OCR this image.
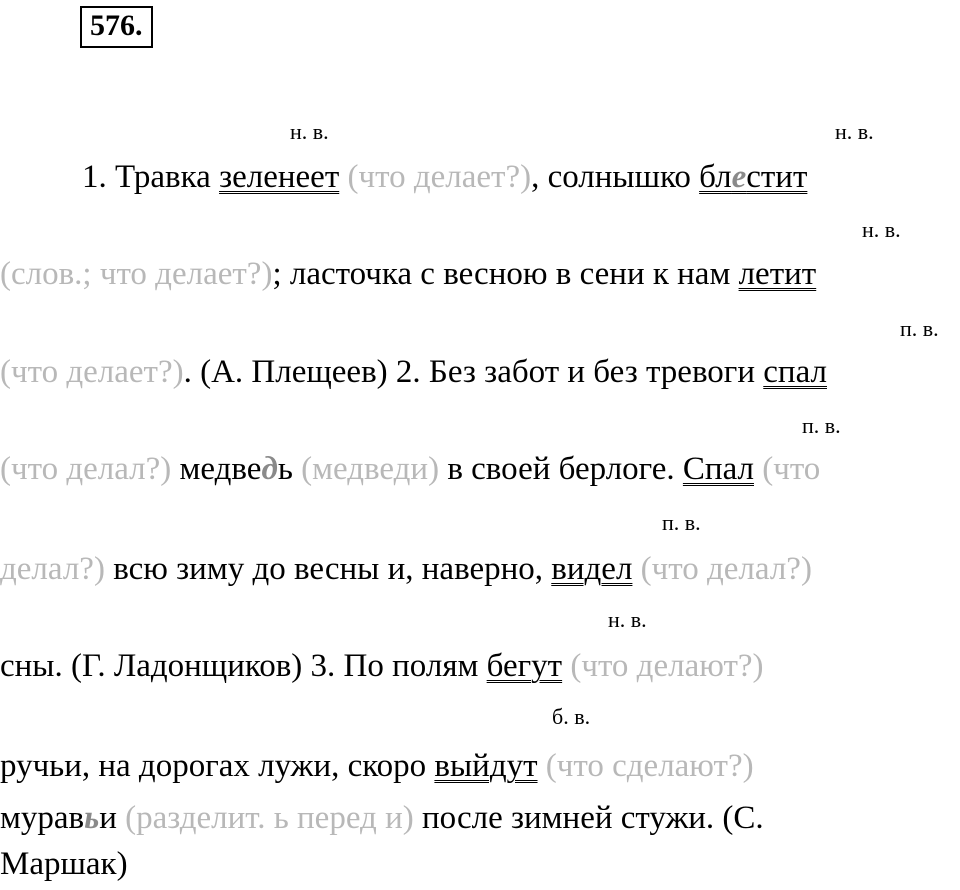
576.
н. в.	н. в.
н. в.
п. в.
п. в.
п. в.
н. в.
б. в.
1. Травка зеленеет (что делает?), солнышко блестит
(слов.; что делает?); ласточка с весною в сени к нам летит
(что делает?). (А. Плещеев) 2. Без забот и без тревоги спал
(что делал?) медведь (медведи) в своей берлоге. Спал (что
делал?) всю зиму до весны и, наверно, видел (что делал?)
сны. (Г. Ладонщиков) 3. По полям бегут (что делают?)
ручьи, на дорогах лужи, скоро выйдут (что сделают?)
муравьи (разделит. ь перед и) после зимней стужи. (С.
Маршак)
